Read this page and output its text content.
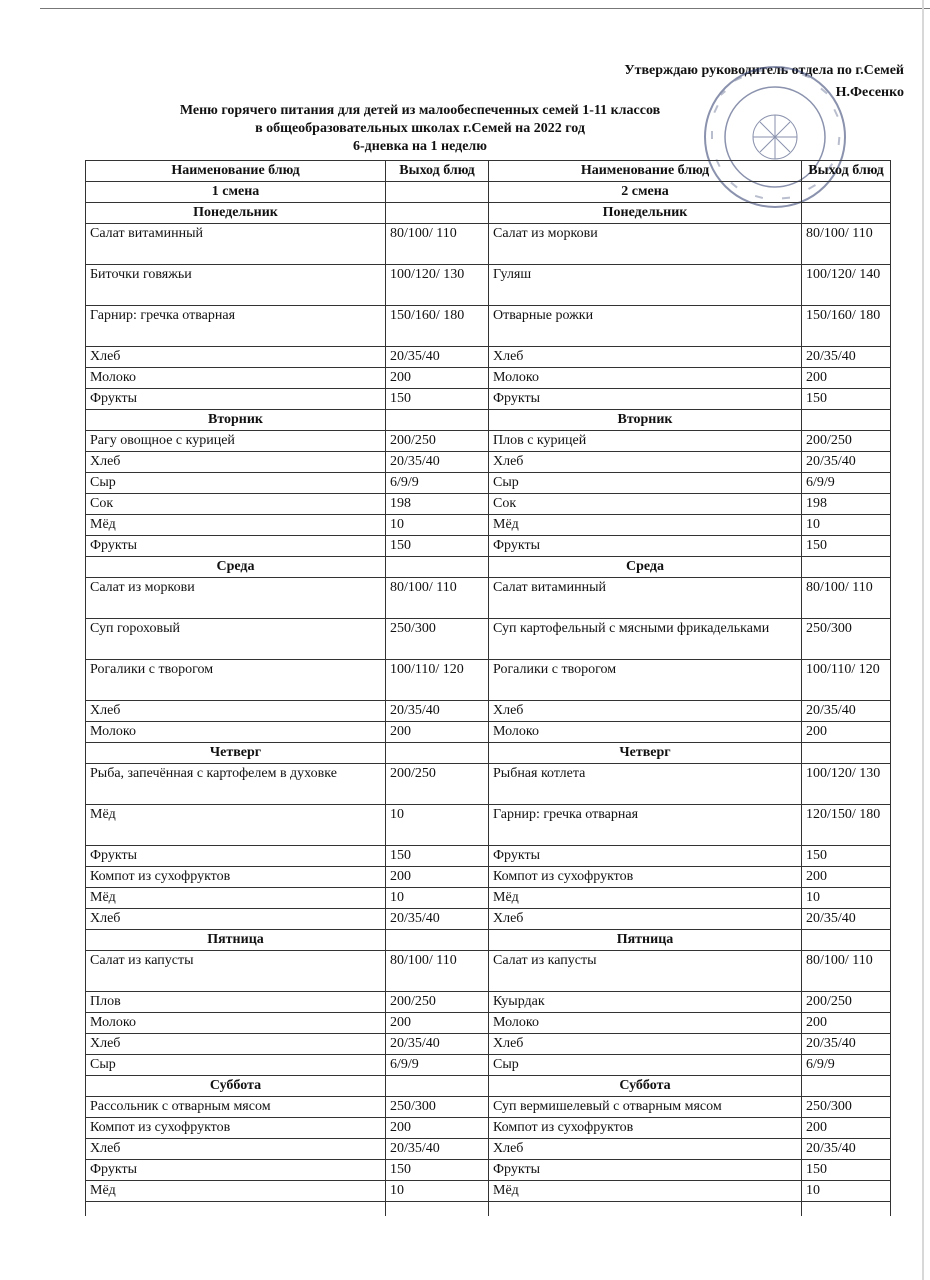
Утверждаю руководитель отдела по г.Семей
Н.Фесенко
Меню горячего питания для детей из малообеспеченных семей 1-11 классов
в общеобразовательных школах г.Семей на 2022 год
6-дневка на 1 неделю
Наименование блюд	Выход блюд	Наименование блюд	Выход блюд
1 смена		2 смена	
Понедельник		Понедельник	
Салат витаминный	80/100/ 110	Салат из моркови	80/100/ 110
Биточки говяжьи	100/120/ 130	Гуляш	100/120/ 140
Гарнир: гречка отварная	150/160/ 180	Отварные рожки	150/160/ 180
Хлеб	20/35/40	Хлеб	20/35/40
Молоко	200	Молоко	200
Фрукты	150	Фрукты	150
Вторник		Вторник	
Рагу овощное с курицей	200/250	Плов с курицей	200/250
Хлеб	20/35/40	Хлеб	20/35/40
Сыр	6/9/9	Сыр	6/9/9
Сок	198	Сок	198
Мёд	10	Мёд	10
Фрукты	150	Фрукты	150
Среда		Среда	
Салат из моркови	80/100/ 110	Салат витаминный	80/100/ 110
Суп гороховый	250/300	Суп картофельный с мясными фрикадельками	250/300
Рогалики с творогом	100/110/ 120	Рогалики с творогом	100/110/ 120
Хлеб	20/35/40	Хлеб	20/35/40
Молоко	200	Молоко	200
Четверг		Четверг	
Рыба, запечённая с картофелем в духовке	200/250	Рыбная котлета	100/120/ 130
Мёд	10	Гарнир: гречка отварная	120/150/ 180
Фрукты	150	Фрукты	150
Компот из сухофруктов	200	Компот из сухофруктов	200
Мёд	10	Мёд	10
Хлеб	20/35/40	Хлеб	20/35/40
Пятница		Пятница	
Салат из капусты	80/100/ 110	Салат из капусты	80/100/ 110
Плов	200/250	Куырдак	200/250
Молоко	200	Молоко	200
Хлеб	20/35/40	Хлеб	20/35/40
Сыр	6/9/9	Сыр	6/9/9
Суббота		Суббота	
Рассольник с отварным мясом	250/300	Суп вермишелевый с отварным мясом	250/300
Компот из сухофруктов	200	Компот из сухофруктов	200
Хлеб	20/35/40	Хлеб	20/35/40
Фрукты	150	Фрукты	150
Мёд	10	Мёд	10
